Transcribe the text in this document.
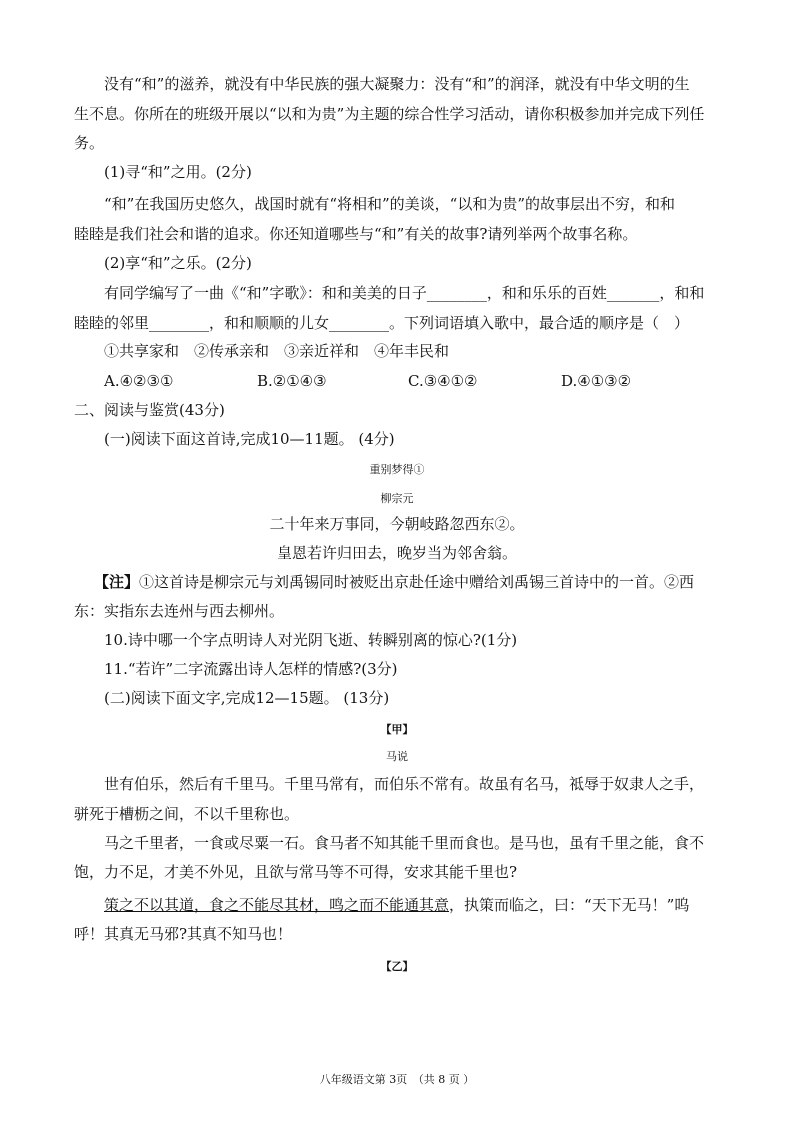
没有“和”的滋养，就没有中华民族的强大凝聚力：没有“和”的润泽，就没有中华文明的生
生不息。你所在的班级开展以“以和为贵”为主题的综合性学习活动，请你积极参加并完成下列任
务。
(1)寻“和”之用。(2分)
“和”在我国历史悠久，战国时就有“将相和”的美谈，“以和为贵”的故事层出不穷，和和
睦睦是我们社会和谐的追求。你还知道哪些与“和”有关的故事?请列举两个故事名称。
(2)享“和”之乐。(2分)
有同学编写了一曲《“和”字歌》：和和美美的日子________，和和乐乐的百姓_______，和和
睦睦的邻里________，和和顺顺的儿女________。下列词语填入歌中，最合适的顺序是（　）
①共享家和　②传承亲和　③亲近祥和　④年丰民和
A.④②③①	B.②①④③	C.③④①②	D.④①③②
二、阅读与鉴赏(43分)
(一)阅读下面这首诗,完成10—11题。 (4分)
重别梦得①
柳宗元
二十年来万事同，今朝岐路忽西东②。
皇恩若许归田去，晚岁当为邻舍翁。
【注】①这首诗是柳宗元与刘禹锡同时被贬出京赴任途中赠给刘禹锡三首诗中的一首。②西
东：实指东去连州与西去柳州。
10.诗中哪一个字点明诗人对光阴飞逝、转瞬别离的惊心?(1分)
11.“若许”二字流露出诗人怎样的情感?(3分)
(二)阅读下面文字,完成12—15题。 (13分)
【甲】
马说
世有伯乐，然后有千里马。千里马常有，而伯乐不常有。故虽有名马，祗辱于奴隶人之手，
骈死于槽枥之间，不以千里称也。
马之千里者，一食或尽粟一石。食马者不知其能千里而食也。是马也，虽有千里之能，食不
饱，力不足，才美不外见，且欲与常马等不可得，安求其能千里也?
策之不以其道，食之不能尽其材，鸣之而不能通其意，执策而临之，曰：“天下无马！”呜
呼！其真无马邪?其真不知马也！
【乙】
八年级语文第 3页　（共 8 页 ）
